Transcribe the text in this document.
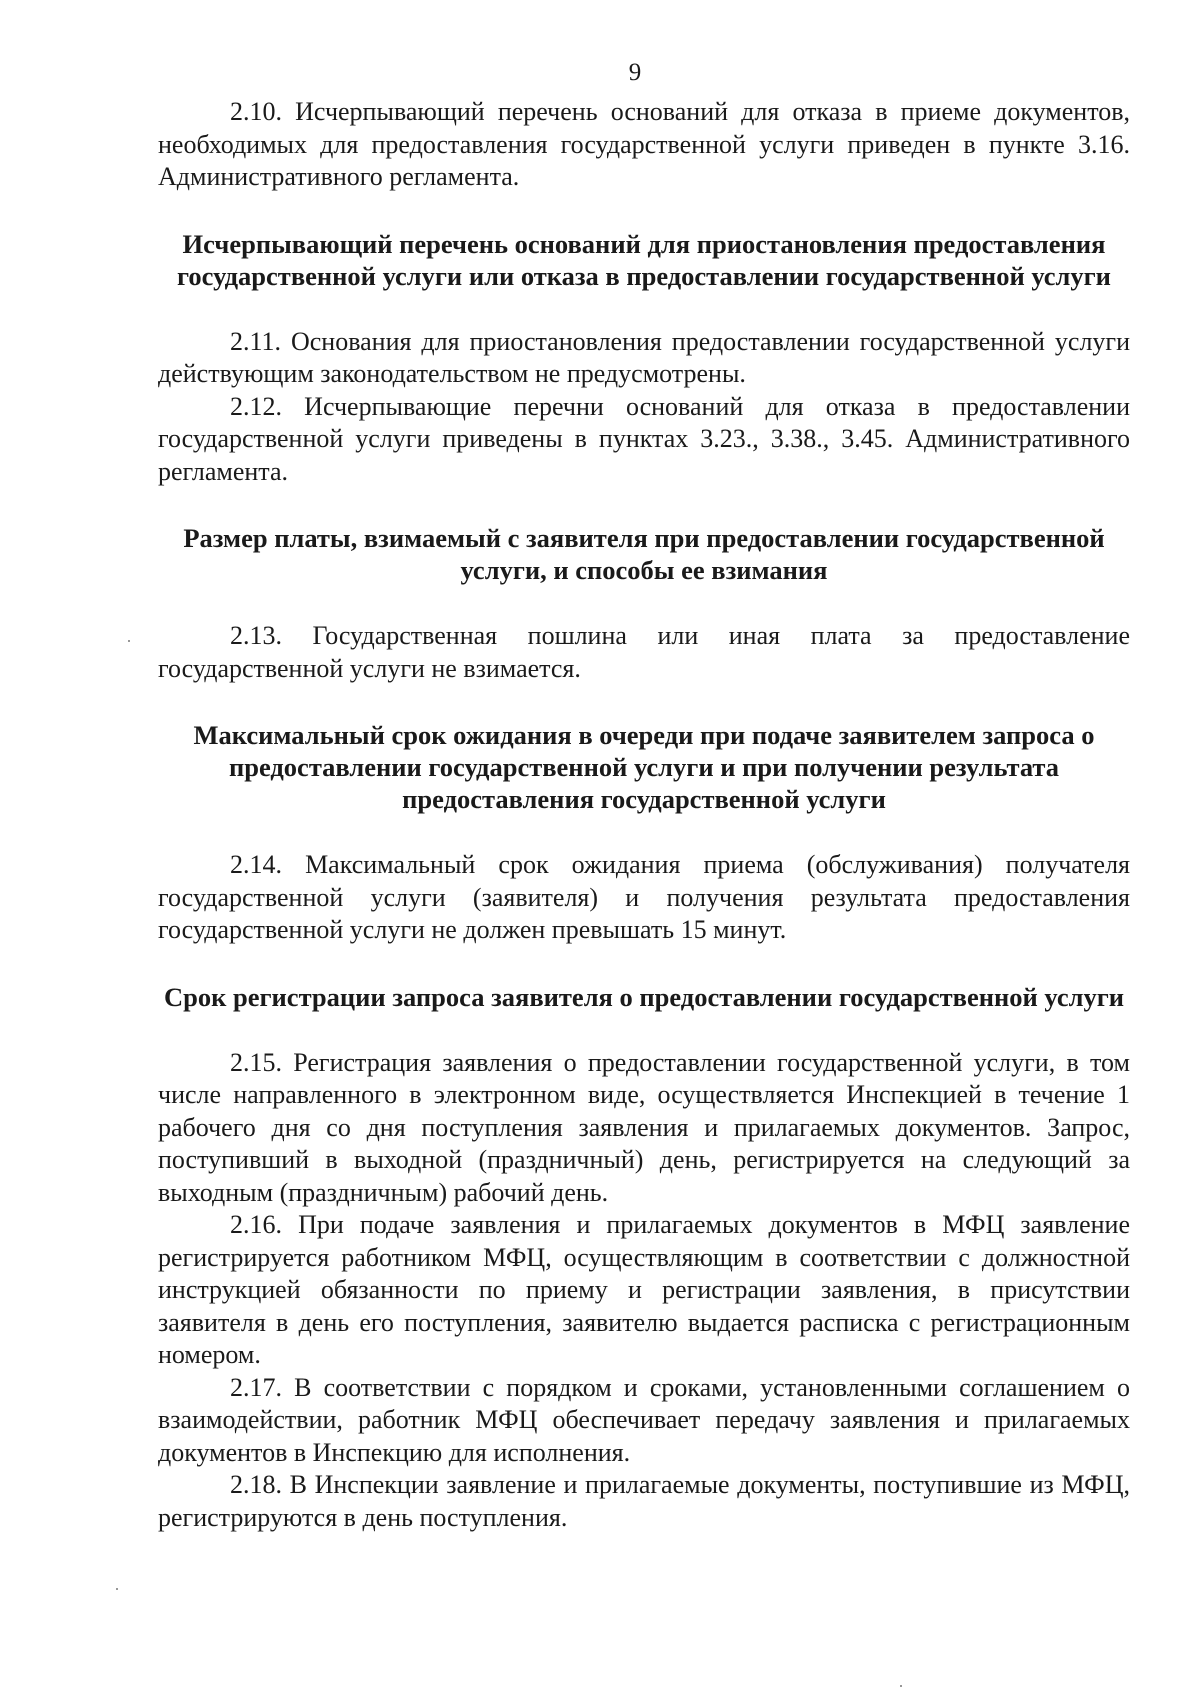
9

2.10. Исчерпывающий перечень оснований для отказа в приеме документов, необходимых для предоставления государственной услуги приведен в пункте 3.16. Административного регламента.

Исчерпывающий перечень оснований для приостановления предоставления государственной услуги или отказа в предоставлении государственной услуги

2.11. Основания для приостановления предоставлении государственной услуги действующим законодательством не предусмотрены.

2.12. Исчерпывающие перечни оснований для отказа в предоставлении государственной услуги приведены в пунктах 3.23., 3.38., 3.45. Административного регламента.

Размер платы, взимаемый с заявителя при предоставлении государственной услуги, и способы ее взимания

2.13. Государственная пошлина или иная плата за предоставление государственной услуги не взимается.

Максимальный срок ожидания в очереди при подаче заявителем запроса о предоставлении государственной услуги и при получении результата предоставления государственной услуги

2.14. Максимальный срок ожидания приема (обслуживания) получателя государственной услуги (заявителя) и получения результата предоставления государственной услуги не должен превышать 15 минут.

Срок регистрации запроса заявителя о предоставлении государственной услуги

2.15. Регистрация заявления о предоставлении государственной услуги, в том числе направленного в электронном виде, осуществляется Инспекцией в течение 1 рабочего дня со дня поступления заявления и прилагаемых документов. Запрос, поступивший в выходной (праздничный) день, регистрируется на следующий за выходным (праздничным) рабочий день.

2.16. При подаче заявления и прилагаемых документов в МФЦ заявление регистрируется работником МФЦ, осуществляющим в соответствии с должностной инструкцией обязанности по приему и регистрации заявления, в присутствии заявителя в день его поступления, заявителю выдается расписка с регистрационным номером.

2.17. В соответствии с порядком и сроками, установленными соглашением о взаимодействии, работник МФЦ обеспечивает передачу заявления и прилагаемых документов в Инспекцию для исполнения.

2.18. В Инспекции заявление и прилагаемые документы, поступившие из МФЦ, регистрируются в день поступления.
